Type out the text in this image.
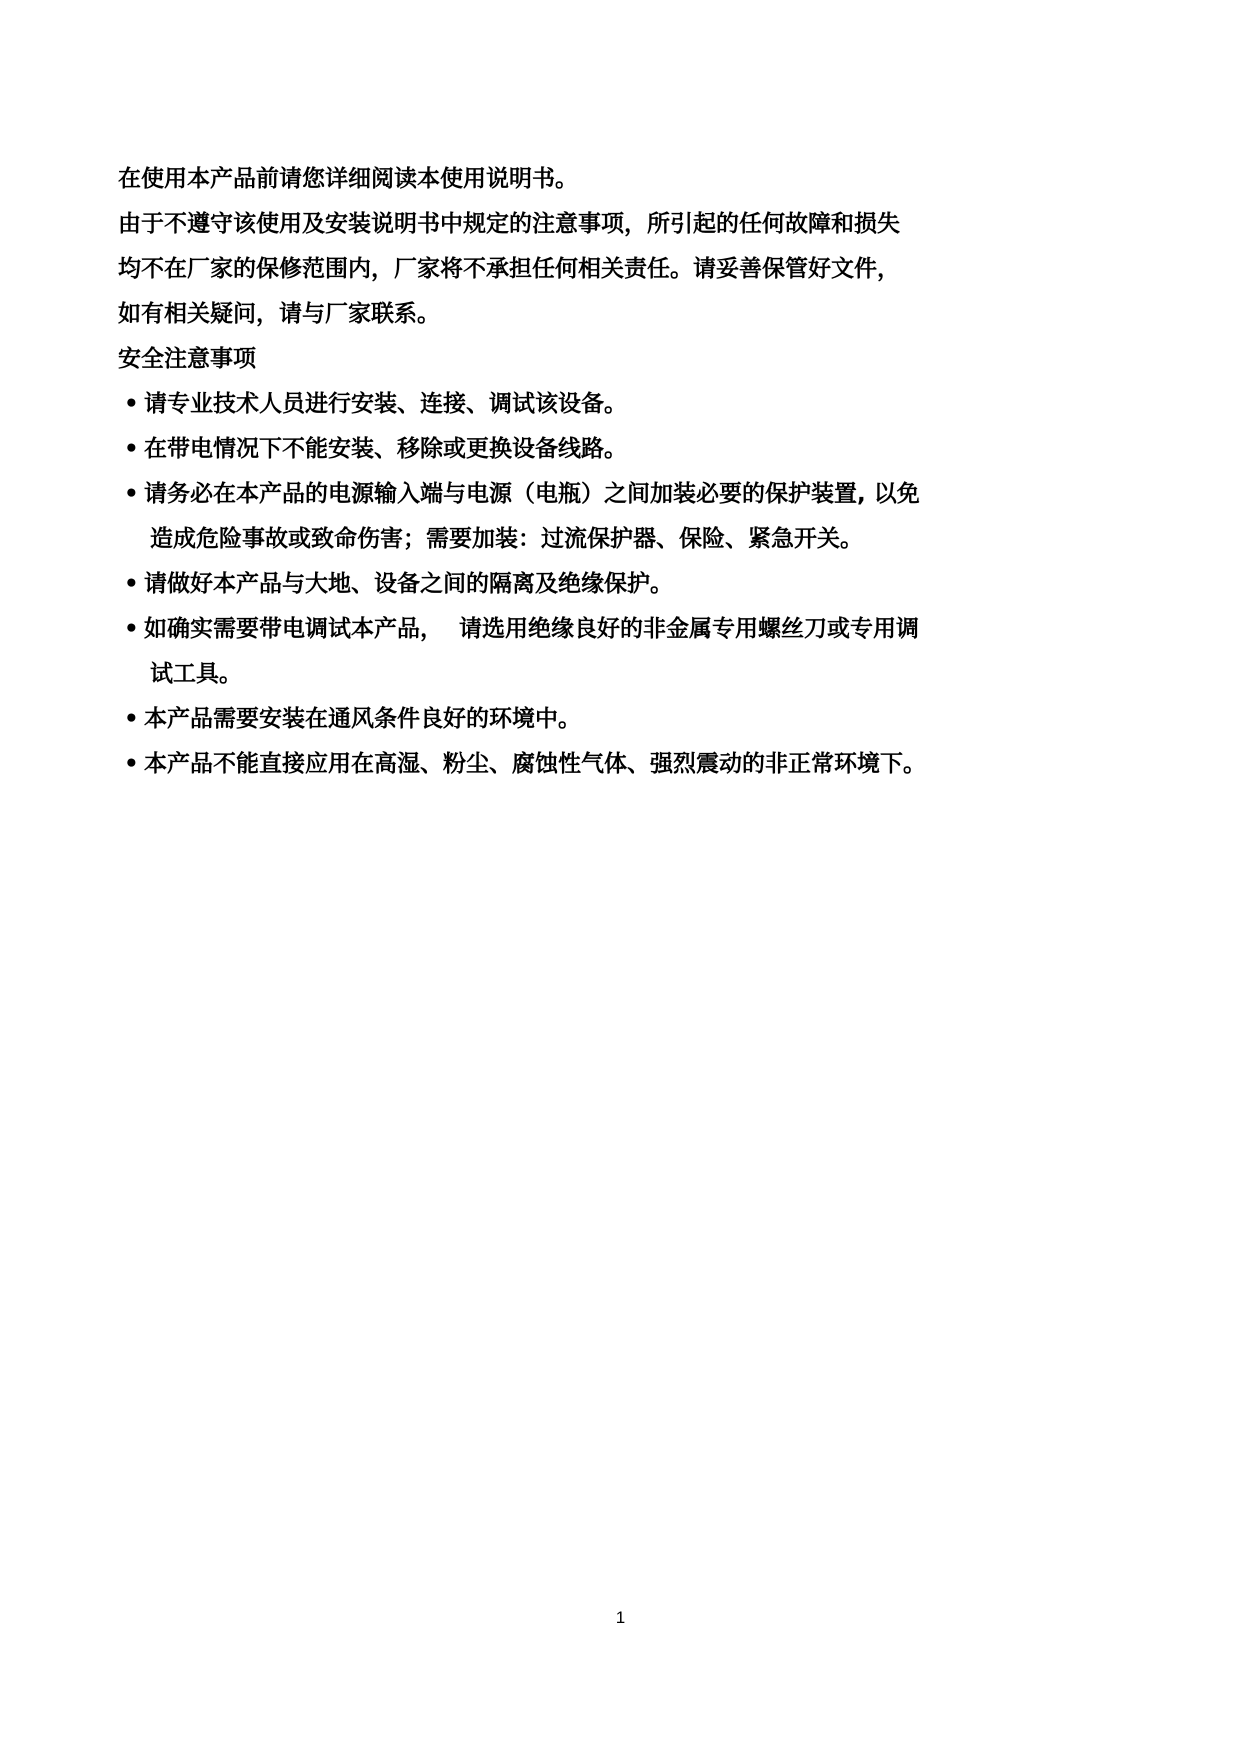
在使用本产品前请您详细阅读本使用说明书。
由于不遵守该使用及安装说明书中规定的注意事项，所引起的任何故障和损失
均不在厂家的保修范围内，厂家将不承担任何相关责任。请妥善保管好文件，
如有相关疑问，请与厂家联系。
安全注意事项
• 请专业技术人员进行安装、连接、调试该设备。
• 在带电情况下不能安装、移除或更换设备线路。
• 请务必在本产品的电源输入端与电源（电瓶）之间加装必要的保护装置, 以免
造成危险事故或致命伤害；需要加装：过流保护器、保险、紧急开关。
• 请做好本产品与大地、设备之间的隔离及绝缘保护。
• 如确实需要带电调试本产品，  请选用绝缘良好的非金属专用螺丝刀或专用调
试工具。
• 本产品需要安装在通风条件良好的环境中。
• 本产品不能直接应用在高湿、粉尘、腐蚀性气体、强烈震动的非正常环境下。
1
